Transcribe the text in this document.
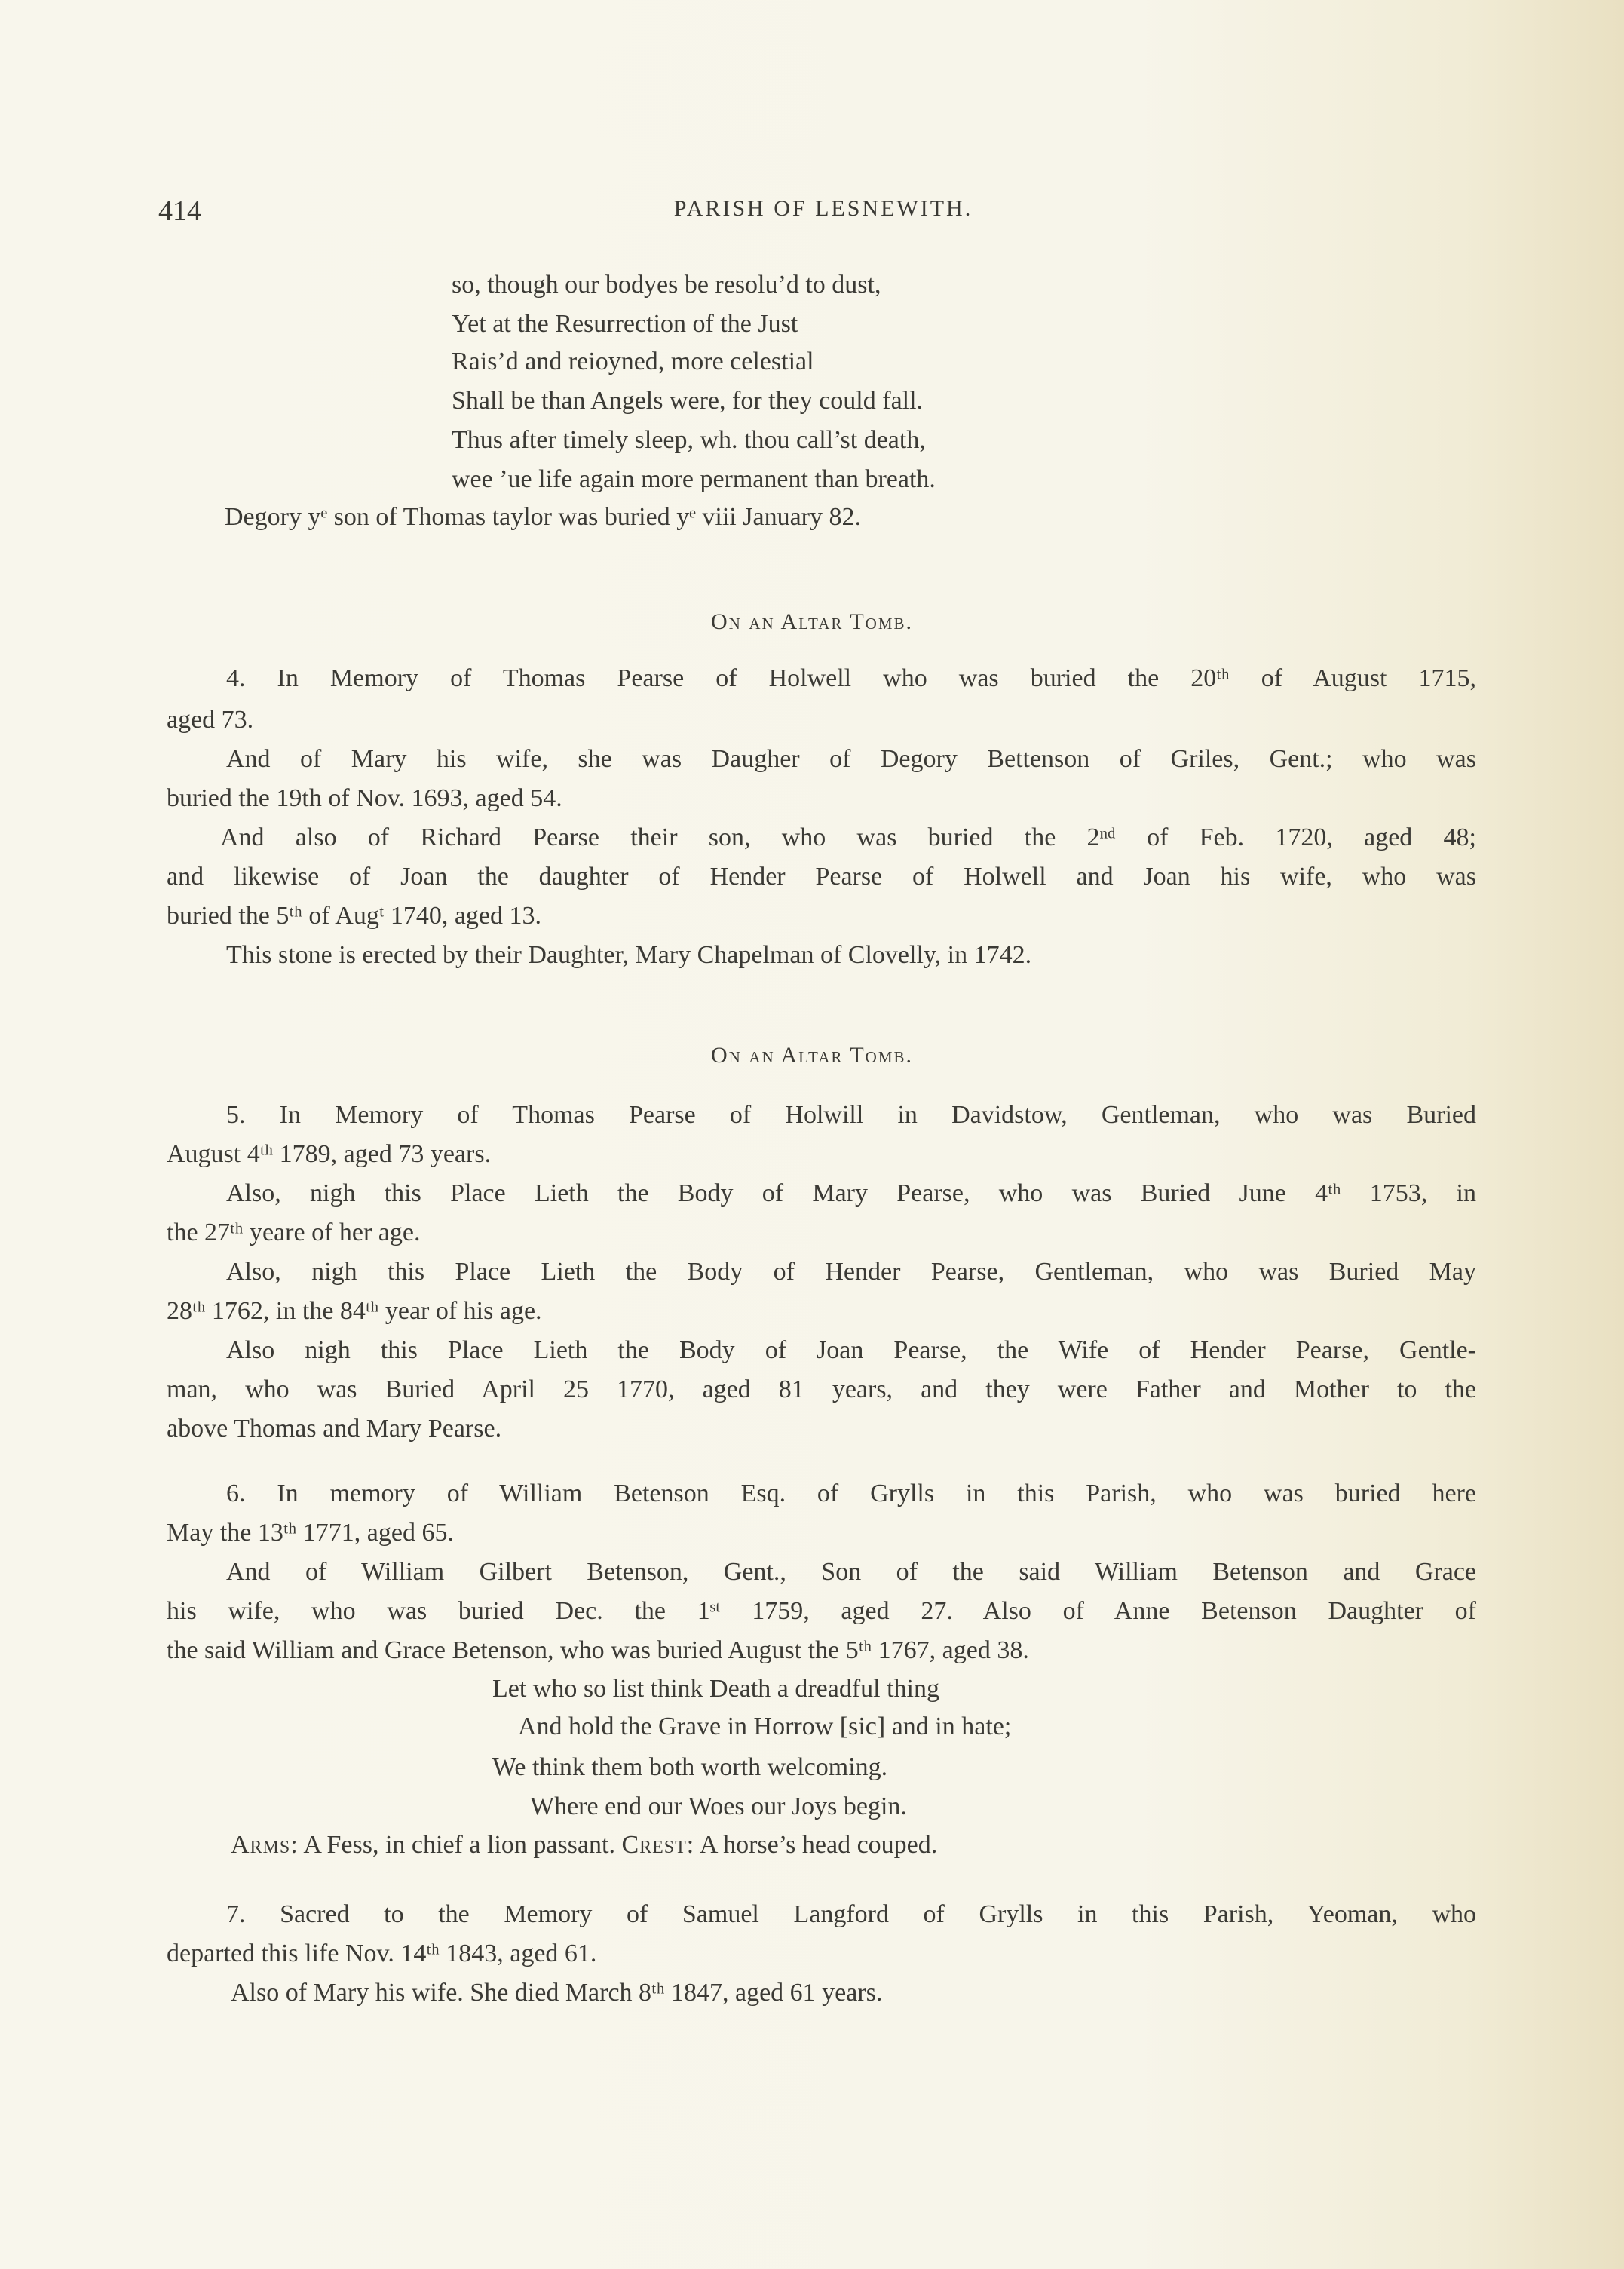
414	PARISH OF LESNEWITH.
so, though our bodyes be resolu’d to dust,
Yet at the Resurrection of the Just
Rais’d and reioyned, more celestial
Shall be than Angels were, for they could fall.
Thus after timely sleep, wh. thou call’st death,
wee ’ue life again more permanent than breath.
Degory yᵉ son of Thomas taylor was buried yᵉ viii January 82.
On an Altar Tomb.
4. In Memory of Thomas Pearse of Holwell who was buried the 20ᵗʰ of August 1715,
aged 73.
And of Mary his wife, she was Daugher of Degory Bettenson of Griles, Gent.; who was
buried the 19th of Nov. 1693, aged 54.
And also of Richard Pearse their son, who was buried the 2ⁿᵈ of Feb. 1720, aged 48;
and likewise of Joan the daughter of Hender Pearse of Holwell and Joan his wife, who was
buried the 5ᵗʰ of Augᵗ 1740, aged 13.
This stone is erected by their Daughter, Mary Chapelman of Clovelly, in 1742.
On an Altar Tomb.
5. In Memory of Thomas Pearse of Holwill in Davidstow, Gentleman, who was Buried
August 4ᵗʰ 1789, aged 73 years.
Also, nigh this Place Lieth the Body of Mary Pearse, who was Buried June 4ᵗʰ 1753, in
the 27ᵗʰ yeare of her age.
Also, nigh this Place Lieth the Body of Hender Pearse, Gentleman, who was Buried May
28ᵗʰ 1762, in the 84ᵗʰ year of his age.
Also nigh this Place Lieth the Body of Joan Pearse, the Wife of Hender Pearse, Gentle-
man, who was Buried April 25 1770, aged 81 years, and they were Father and Mother to the
above Thomas and Mary Pearse.
6. In memory of William Betenson Esq. of Grylls in this Parish, who was buried here
May the 13ᵗʰ 1771, aged 65.
And of William Gilbert Betenson, Gent., Son of the said William Betenson and Grace
his wife, who was buried Dec. the 1ˢᵗ 1759, aged 27. Also of Anne Betenson Daughter of
the said William and Grace Betenson, who was buried August the 5ᵗʰ 1767, aged 38.
Let who so list think Death a dreadful thing
And hold the Grave in Horrow [sic] and in hate;
We think them both worth welcoming.
Where end our Woes our Joys begin.
Arms: A Fess, in chief a lion passant. Crest: A horse’s head couped.
7. Sacred to the Memory of Samuel Langford of Grylls in this Parish, Yeoman, who
departed this life Nov. 14ᵗʰ 1843, aged 61.
Also of Mary his wife. She died March 8ᵗʰ 1847, aged 61 years.
